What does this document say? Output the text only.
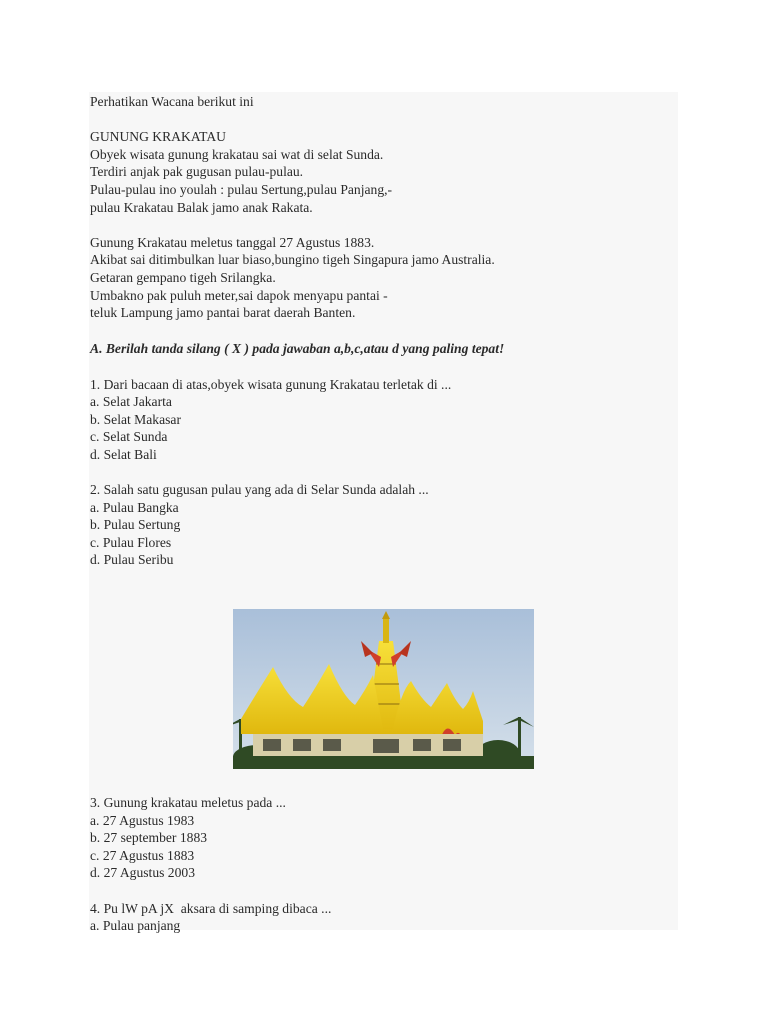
Perhatikan Wacana berikut ini
GUNUNG KRAKATAU
Obyek wisata gunung krakatau sai wat di selat Sunda.
Terdiri anjak pak gugusan pulau-pulau.
Pulau-pulau ino youlah : pulau Sertung,pulau Panjang,-
pulau Krakatau Balak jamo anak Rakata.
Gunung Krakatau meletus tanggal 27 Agustus 1883.
Akibat sai ditimbulkan luar biaso,bungino tigeh Singapura jamo Australia.
Getaran gempano tigeh Srilangka.
Umbakno pak puluh meter,sai dapok menyapu pantai -
teluk Lampung jamo pantai barat daerah Banten.
A. Berilah tanda silang ( X ) pada jawaban a,b,c,atau d yang paling tepat!
1. Dari bacaan di atas,obyek wisata gunung Krakatau terletak di ...
a. Selat Jakarta
b. Selat Makasar
c. Selat Sunda
d. Selat Bali
2. Salah satu gugusan pulau yang ada di Selar Sunda adalah ...
a. Pulau Bangka
b. Pulau Sertung
c. Pulau Flores
d. Pulau Seribu
3. Gunung krakatau meletus pada ...
a. 27 Agustus 1983
b. 27 september 1883
c. 27 Agustus 1883
d. 27 Agustus 2003
4. Pu lW pA jX  aksara di samping dibaca ...
a. Pulau panjang
